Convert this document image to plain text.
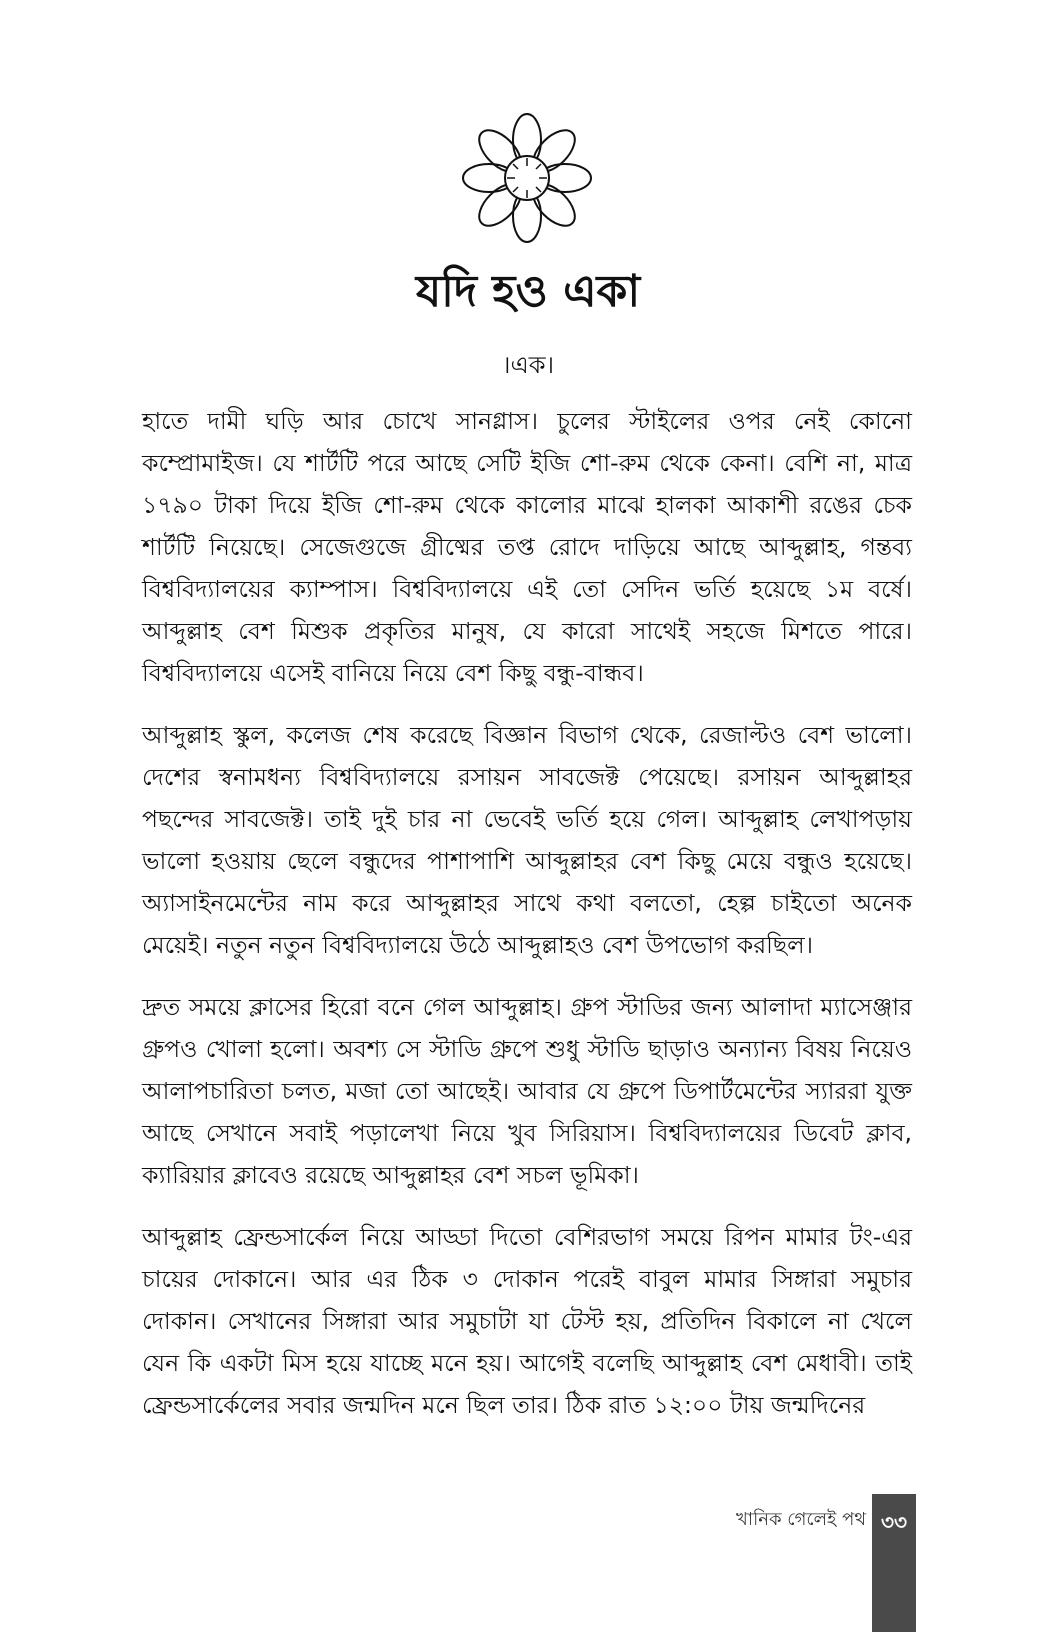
যদি হও একা
।এক।

হাতে দামী ঘড়ি আর চোখে সানগ্লাস। চুলের স্টাইলের ওপর নেই কোনো কম্প্রোমাইজ। যে শার্টটি পরে আছে সেটি ইজি শো-রুম থেকে কেনা। বেশি না, মাত্র ১৭৯০ টাকা দিয়ে ইজি শো-রুম থেকে কালোর মাঝে হালকা আকাশী রঙের চেক শার্টটি নিয়েছে। সেজেগুজে গ্রীষ্মের তপ্ত রোদে দাড়িয়ে আছে আব্দুল্লাহ, গন্তব্য বিশ্ববিদ্যালয়ের ক্যাম্পাস। বিশ্ববিদ্যালয়ে এই তো সেদিন ভর্তি হয়েছে ১ম বর্ষে। আব্দুল্লাহ বেশ মিশুক প্রকৃতির মানুষ, যে কারো সাথেই সহজে মিশতে পারে। বিশ্ববিদ্যালয়ে এসেই বানিয়ে নিয়ে বেশ কিছু বন্ধু-বান্ধব।

আব্দুল্লাহ স্কুল, কলেজ শেষ করেছে বিজ্ঞান বিভাগ থেকে, রেজাল্টও বেশ ভালো। দেশের স্বনামধন্য বিশ্ববিদ্যালয়ে রসায়ন সাবজেক্ট পেয়েছে। রসায়ন আব্দুল্লাহর পছন্দের সাবজেক্ট। তাই দুই চার না ভেবেই ভর্তি হয়ে গেল। আব্দুল্লাহ লেখাপড়ায় ভালো হওয়ায় ছেলে বন্ধুদের পাশাপাশি আব্দুল্লাহর বেশ কিছু মেয়ে বন্ধুও হয়েছে। অ্যাসাইনমেন্টের নাম করে আব্দুল্লাহর সাথে কথা বলতো, হেল্প চাইতো অনেক মেয়েই। নতুন নতুন বিশ্ববিদ্যালয়ে উঠে আব্দুল্লাহও বেশ উপভোগ করছিল।

দ্রুত সময়ে ক্লাসের হিরো বনে গেল আব্দুল্লাহ। গ্রুপ স্টাডির জন্য আলাদা ম্যাসেঞ্জার গ্রুপও খোলা হলো। অবশ্য সে স্টাডি গ্রুপে শুধু স্টাডি ছাড়াও অন্যান্য বিষয় নিয়েও আলাপচারিতা চলত, মজা তো আছেই। আবার যে গ্রুপে ডিপার্টমেন্টের স্যাররা যুক্ত আছে সেখানে সবাই পড়ালেখা নিয়ে খুব সিরিয়াস। বিশ্ববিদ্যালয়ের ডিবেট ক্লাব, ক্যারিয়ার ক্লাবেও রয়েছে আব্দুল্লাহর বেশ সচল ভূমিকা।

আব্দুল্লাহ ফ্রেন্ডসার্কেল নিয়ে আড্ডা দিতো বেশিরভাগ সময়ে রিপন মামার টং-এর চায়ের দোকানে। আর এর ঠিক ৩ দোকান পরেই বাবুল মামার সিঙ্গারা সমুচার দোকান। সেখানের সিঙ্গারা আর সমুচাটা যা টেস্ট হয়, প্রতিদিন বিকালে না খেলে যেন কি একটা মিস হয়ে যাচ্ছে মনে হয়। আগেই বলেছি আব্দুল্লাহ বেশ মেধাবী। তাই ফ্রেন্ডসার্কেলের সবার জন্মদিন মনে ছিল তার। ঠিক রাত ১২:০০ টায় জন্মদিনের

খানিক গেলেই পথ ৩৩
